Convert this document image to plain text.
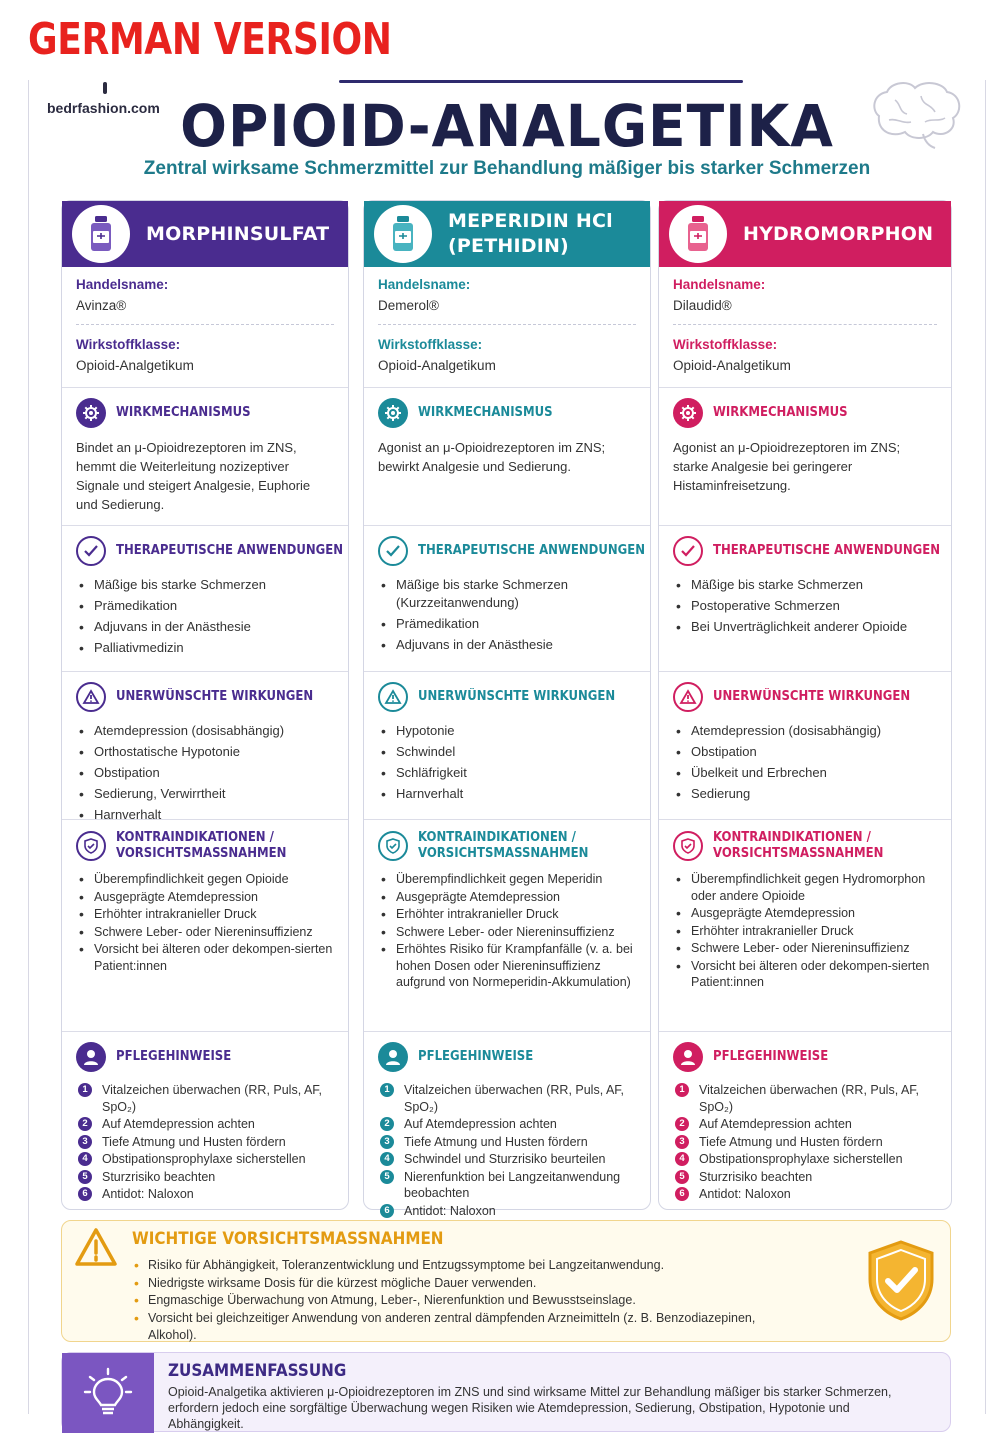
GERMAN VERSION
bedrfashion.com OPIOID-ANALGETIKA
Zentral wirksame Schmerzmittel zur Behandlung mäßiger bis starker Schmerzen
MORPHINSULFAT
Handelsname:
Avinza®
Wirkstoffklasse:
Opioid-Analgetikum
WIRKMECHANISMUS
Bindet an μ-Opioidrezeptoren im ZNS, hemmt die Weiterleitung nozizeptiver Signale und steigert Analgesie, Euphorie und Sedierung.
THERAPEUTISCHE ANWENDUNGEN
• Mäßige bis starke Schmerzen
• Prämedikation
• Adjuvans in der Anästhesie
• Palliativmedizin
UNERWÜNSCHTE WIRKUNGEN
• Atemdepression (dosisabhängig)
• Orthostatische Hypotonie
• Obstipation
• Sedierung, Verwirrtheit
• Harnverhalt
KONTRAINDIKATIONEN /
VORSICHTSMASSNAHMEN
• Überempfindlichkeit gegen Opioide
• Ausgeprägte Atemdepression
• Erhöhter intrakranieller Druck
• Schwere Leber- oder Niereninsuffizienz
• Vorsicht bei älteren oder dekompen-sierten Patient:innen
PFLEGEHINWEISE
1	Vitalzeichen überwachen (RR, Puls, AF, SpO₂)
2	Auf Atemdepression achten
3	Tiefe Atmung und Husten fördern
4	Obstipationsprophylaxe sicherstellen
5	Sturzrisiko beachten
6	Antidot: Naloxon
MEPERIDIN HCl (PETHIDIN)
Handelsname:
Demerol®
Wirkstoffklasse:
Opioid-Analgetikum
WIRKMECHANISMUS
Agonist an μ-Opioidrezeptoren im ZNS; bewirkt Analgesie und Sedierung.
THERAPEUTISCHE ANWENDUNGEN
• Mäßige bis starke Schmerzen (Kurzzeitanwendung)
• Prämedikation
• Adjuvans in der Anästhesie
UNERWÜNSCHTE WIRKUNGEN
• Hypotonie
• Schwindel
• Schläfrigkeit
• Harnverhalt
KONTRAINDIKATIONEN /
VORSICHTSMASSNAHMEN
• Überempfindlichkeit gegen Meperidin
• Ausgeprägte Atemdepression
• Erhöhter intrakranieller Druck
• Schwere Leber- oder Niereninsuffizienz
• Erhöhtes Risiko für Krampfanfälle (v. a. bei hohen Dosen oder Niereninsuffizienz aufgrund von Normeperidin-Akkumulation)
PFLEGEHINWEISE
1	Vitalzeichen überwachen (RR, Puls, AF, SpO₂)
2	Auf Atemdepression achten
3	Tiefe Atmung und Husten fördern
4	Schwindel und Sturzrisiko beurteilen
5	Nierenfunktion bei Langzeitanwendung beobachten
6	Antidot: Naloxon
HYDROMORPHON
Handelsname:
Dilaudid®
Wirkstoffklasse:
Opioid-Analgetikum
WIRKMECHANISMUS
Agonist an μ-Opioidrezeptoren im ZNS; starke Analgesie bei geringerer Histaminfreisetzung.
THERAPEUTISCHE ANWENDUNGEN
• Mäßige bis starke Schmerzen
• Postoperative Schmerzen
• Bei Unverträglichkeit anderer Opioide
UNERWÜNSCHTE WIRKUNGEN
• Atemdepression (dosisabhängig)
• Obstipation
• Übelkeit und Erbrechen
• Sedierung
KONTRAINDIKATIONEN /
VORSICHTSMASSNAHMEN
• Überempfindlichkeit gegen Hydromorphon oder andere Opioide
• Ausgeprägte Atemdepression
• Erhöhter intrakranieller Druck
• Schwere Leber- oder Niereninsuffizienz
• Vorsicht bei älteren oder dekompen-sierten Patient:innen
PFLEGEHINWEISE
1	Vitalzeichen überwachen (RR, Puls, AF, SpO₂)
2	Auf Atemdepression achten
3	Tiefe Atmung und Husten fördern
4	Obstipationsprophylaxe sicherstellen
5	Sturzrisiko beachten
6	Antidot: Naloxon
WICHTIGE VORSICHTSMASSNAHMEN
• Risiko für Abhängigkeit, Toleranzentwicklung und Entzugssymptome bei Langzeitanwendung.
• Niedrigste wirksame Dosis für die kürzest mögliche Dauer verwenden.
• Engmaschige Überwachung von Atmung, Leber-, Nierenfunktion und Bewusstseinslage.
• Vorsicht bei gleichzeitiger Anwendung von anderen zentral dämpfenden Arzneimitteln (z. B. Benzodiazepinen, Alkohol).
ZUSAMMENFASSUNG
Opioid-Analgetika aktivieren μ-Opioidrezeptoren im ZNS und sind wirksame Mittel zur Behandlung mäßiger bis starker Schmerzen, erfordern jedoch eine sorgfältige Überwachung wegen Risiken wie Atemdepression, Sedierung, Obstipation, Hypotonie und Abhängigkeit.
